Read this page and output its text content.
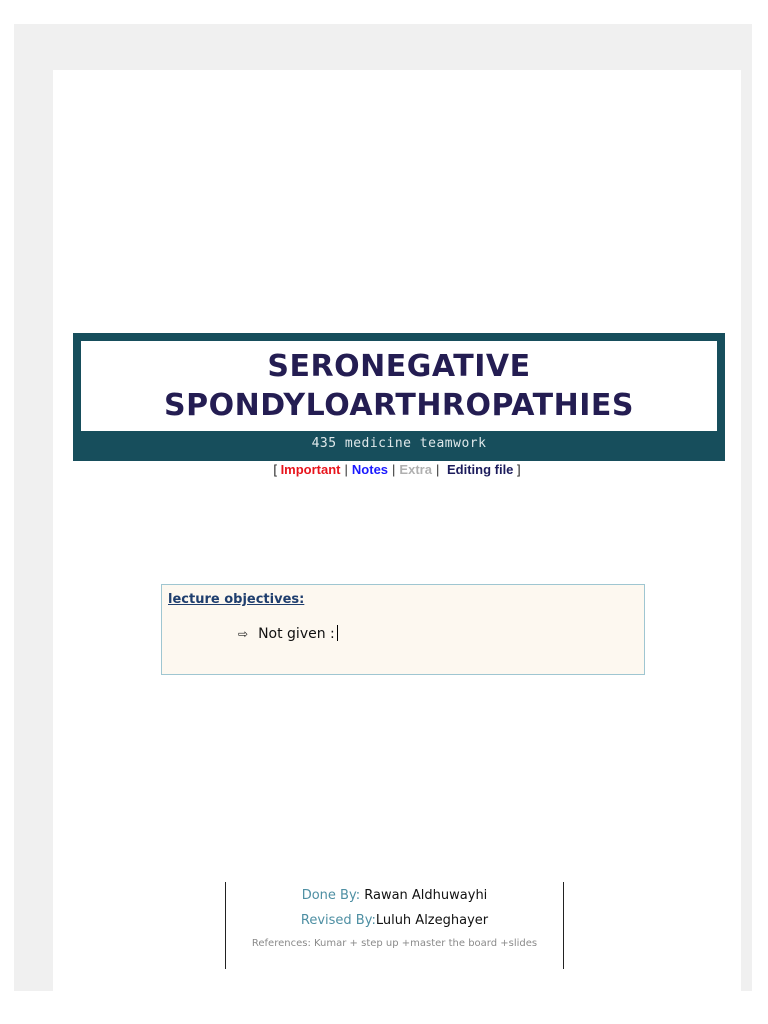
SERONEGATIVE
SPONDYLOARTHROPATHIES
435 medicine teamwork
[ Important | Notes | Extra | Editing file ]
lecture objectives:
⇨ Not given :
Done By: Rawan Aldhuwayhi
Revised By:Luluh Alzeghayer
References: Kumar + step up +master the board +slides
